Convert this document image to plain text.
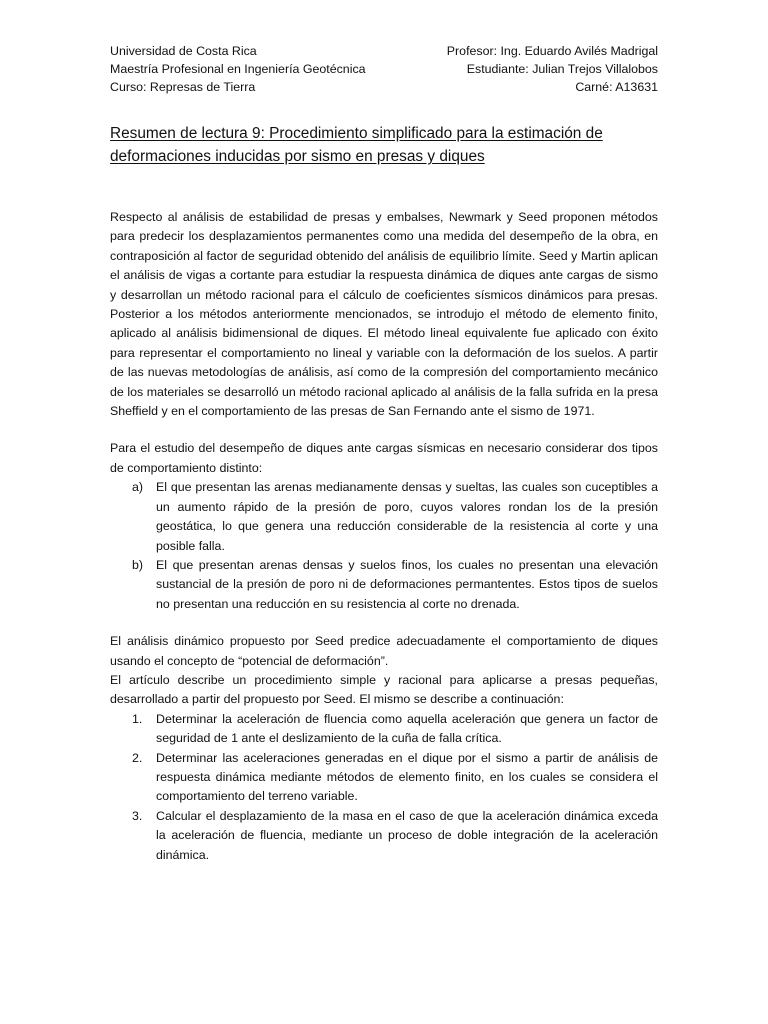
Universidad de Costa Rica
Maestría Profesional en Ingeniería Geotécnica
Curso: Represas de Tierra
Profesor: Ing. Eduardo Avilés Madrigal
Estudiante: Julian Trejos Villalobos
Carné: A13631
Resumen de lectura 9: Procedimiento simplificado para la estimación de deformaciones inducidas por sismo en presas y diques

Respecto al análisis de estabilidad de presas y embalses, Newmark y Seed proponen métodos para predecir los desplazamientos permanentes como una medida del desempeño de la obra, en contraposición al factor de seguridad obtenido del análisis de equilibrio límite. Seed y Martin aplican el análisis de vigas a cortante para estudiar la respuesta dinámica de diques ante cargas de sismo y desarrollan un método racional para el cálculo de coeficientes sísmicos dinámicos para presas. Posterior a los métodos anteriormente mencionados, se introdujo el método de elemento finito, aplicado al análisis bidimensional de diques. El método lineal equivalente fue aplicado con éxito para representar el comportamiento no lineal y variable con la deformación de los suelos. A partir de las nuevas metodologías de análisis, así como de la compresión del comportamiento mecánico de los materiales se desarrolló un método racional aplicado al análisis de la falla sufrida en la presa Sheffield y en el comportamiento de las presas de San Fernando ante el sismo de 1971.

Para el estudio del desempeño de diques ante cargas sísmicas en necesario considerar dos tipos de comportamiento distinto:

a)	El que presentan las arenas medianamente densas y sueltas, las cuales son cuceptibles a un aumento rápido de la presión de poro, cuyos valores rondan los de la presión geostática, lo que genera una reducción considerable de la resistencia al corte y una posible falla.
b)	El que presentan arenas densas y suelos finos, los cuales no presentan una elevación sustancial de la presión de poro ni de deformaciones permantentes. Estos tipos de suelos no presentan una reducción en su resistencia al corte no drenada.

El análisis dinámico propuesto por Seed predice adecuadamente el comportamiento de diques usando el concepto de “potencial de deformación”.

El artículo describe un procedimiento simple y racional para aplicarse a presas pequeñas, desarrollado a partir del propuesto por Seed. El mismo se describe a continuación:

1.	Determinar la aceleración de fluencia como aquella aceleración que genera un factor de seguridad de 1 ante el deslizamiento de la cuña de falla crítica.
2.	Determinar las aceleraciones generadas en el dique por el sismo a partir de análisis de respuesta dinámica mediante métodos de elemento finito, en los cuales se considera el comportamiento del terreno variable.
3.	Calcular el desplazamiento de la masa en el caso de que la aceleración dinámica exceda la aceleración de fluencia, mediante un proceso de doble integración de la aceleración dinámica.
